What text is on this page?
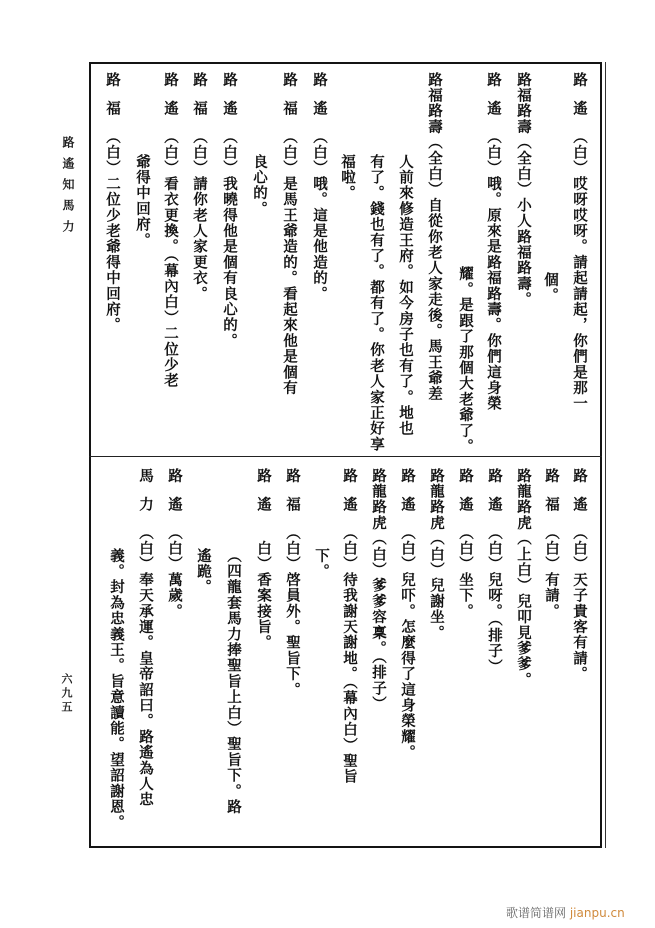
路遙知馬力
六九五
路遙（白）哎呀哎呀。請起請起，你們是那一
個。
路福路壽（全白）小人路福路壽。
路遙（白）哦。原來是路福路壽。你們這身榮
耀。是跟了那個大老爺了。
路福路壽（全白）自從你老人家走後。馬王爺差
人前來修造王府。如今房子也有了。地也
有了。錢也有了。都有了。你老人家正好享
福啦。
路遙（白）哦。這是他造的。
路福（白）是馬王爺造的。看起來他是個有
良心的。
路遙（白）我曉得他是個有良心的。
路福（白）請你老人家更衣。
路遙（白）看衣更換。（幕內白）二位少老
爺得中回府。
路福（白）二位少老爺得中回府。
路遙（白）天子貴客有請。
路福（白）有請。
路龍路虎（上白）兒叩見爹爹。
路遙（白）兒呀。（排子）
路遙（白）坐下。
路龍路虎（白）兒謝坐。
路遙（白）兒吓。怎麼得了這身榮耀。
路龍路虎（白）爹爹容稟。（排子）
路遙（白）待我謝天謝地。（幕內白）聖旨
下。
路福（白）啓員外。聖旨下。
路遙　白）香案接旨。
（四龍套馬力捧聖旨上白）聖旨下。路
遙跪。
路遙（白）萬歲。
馬力（白）奉天承運。皇帝詔曰。路遙為人忠
義。封為忠義王。旨意讀能。望詔謝恩。
歌谱简谱网 jianpu.cn
